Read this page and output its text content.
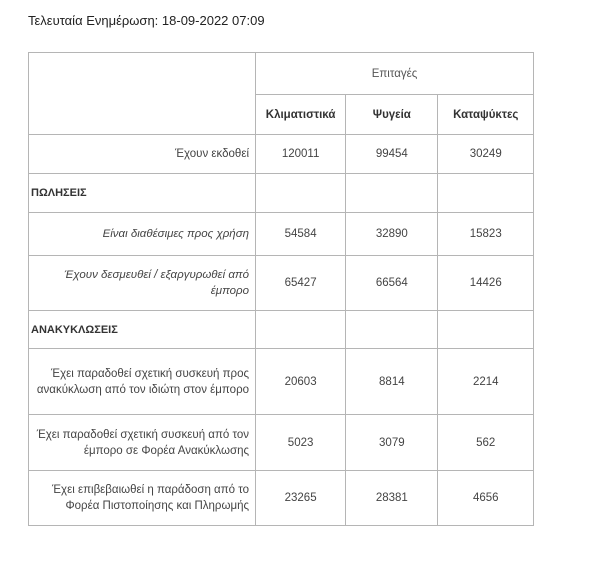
Τελευταία Ενημέρωση: 18-09-2022 07:09
	Επιταγές		
	Κλιματιστικά	Ψυγεία	Καταψύκτες
Έχουν εκδοθεί	120011	99454	30249
ΠΩΛΗΣΕΙΣ			
Είναι διαθέσιμες προς χρήση	54584	32890	15823
Έχουν δεσμευθεί / εξαργυρωθεί από έμπορο	65427	66564	14426
ΑΝΑΚΥΚΛΩΣΕΙΣ			
Έχει παραδοθεί σχετική συσκευή προς ανακύκλωση από τον ιδιώτη στον έμπορο	20603	8814	2214
Έχει παραδοθεί σχετική συσκευή από τον έμπορο σε Φορέα Ανακύκλωσης	5023	3079	562
Έχει επιβεβαιωθεί η παράδοση από το Φορέα Πιστοποίησης και Πληρωμής	23265	28381	4656
